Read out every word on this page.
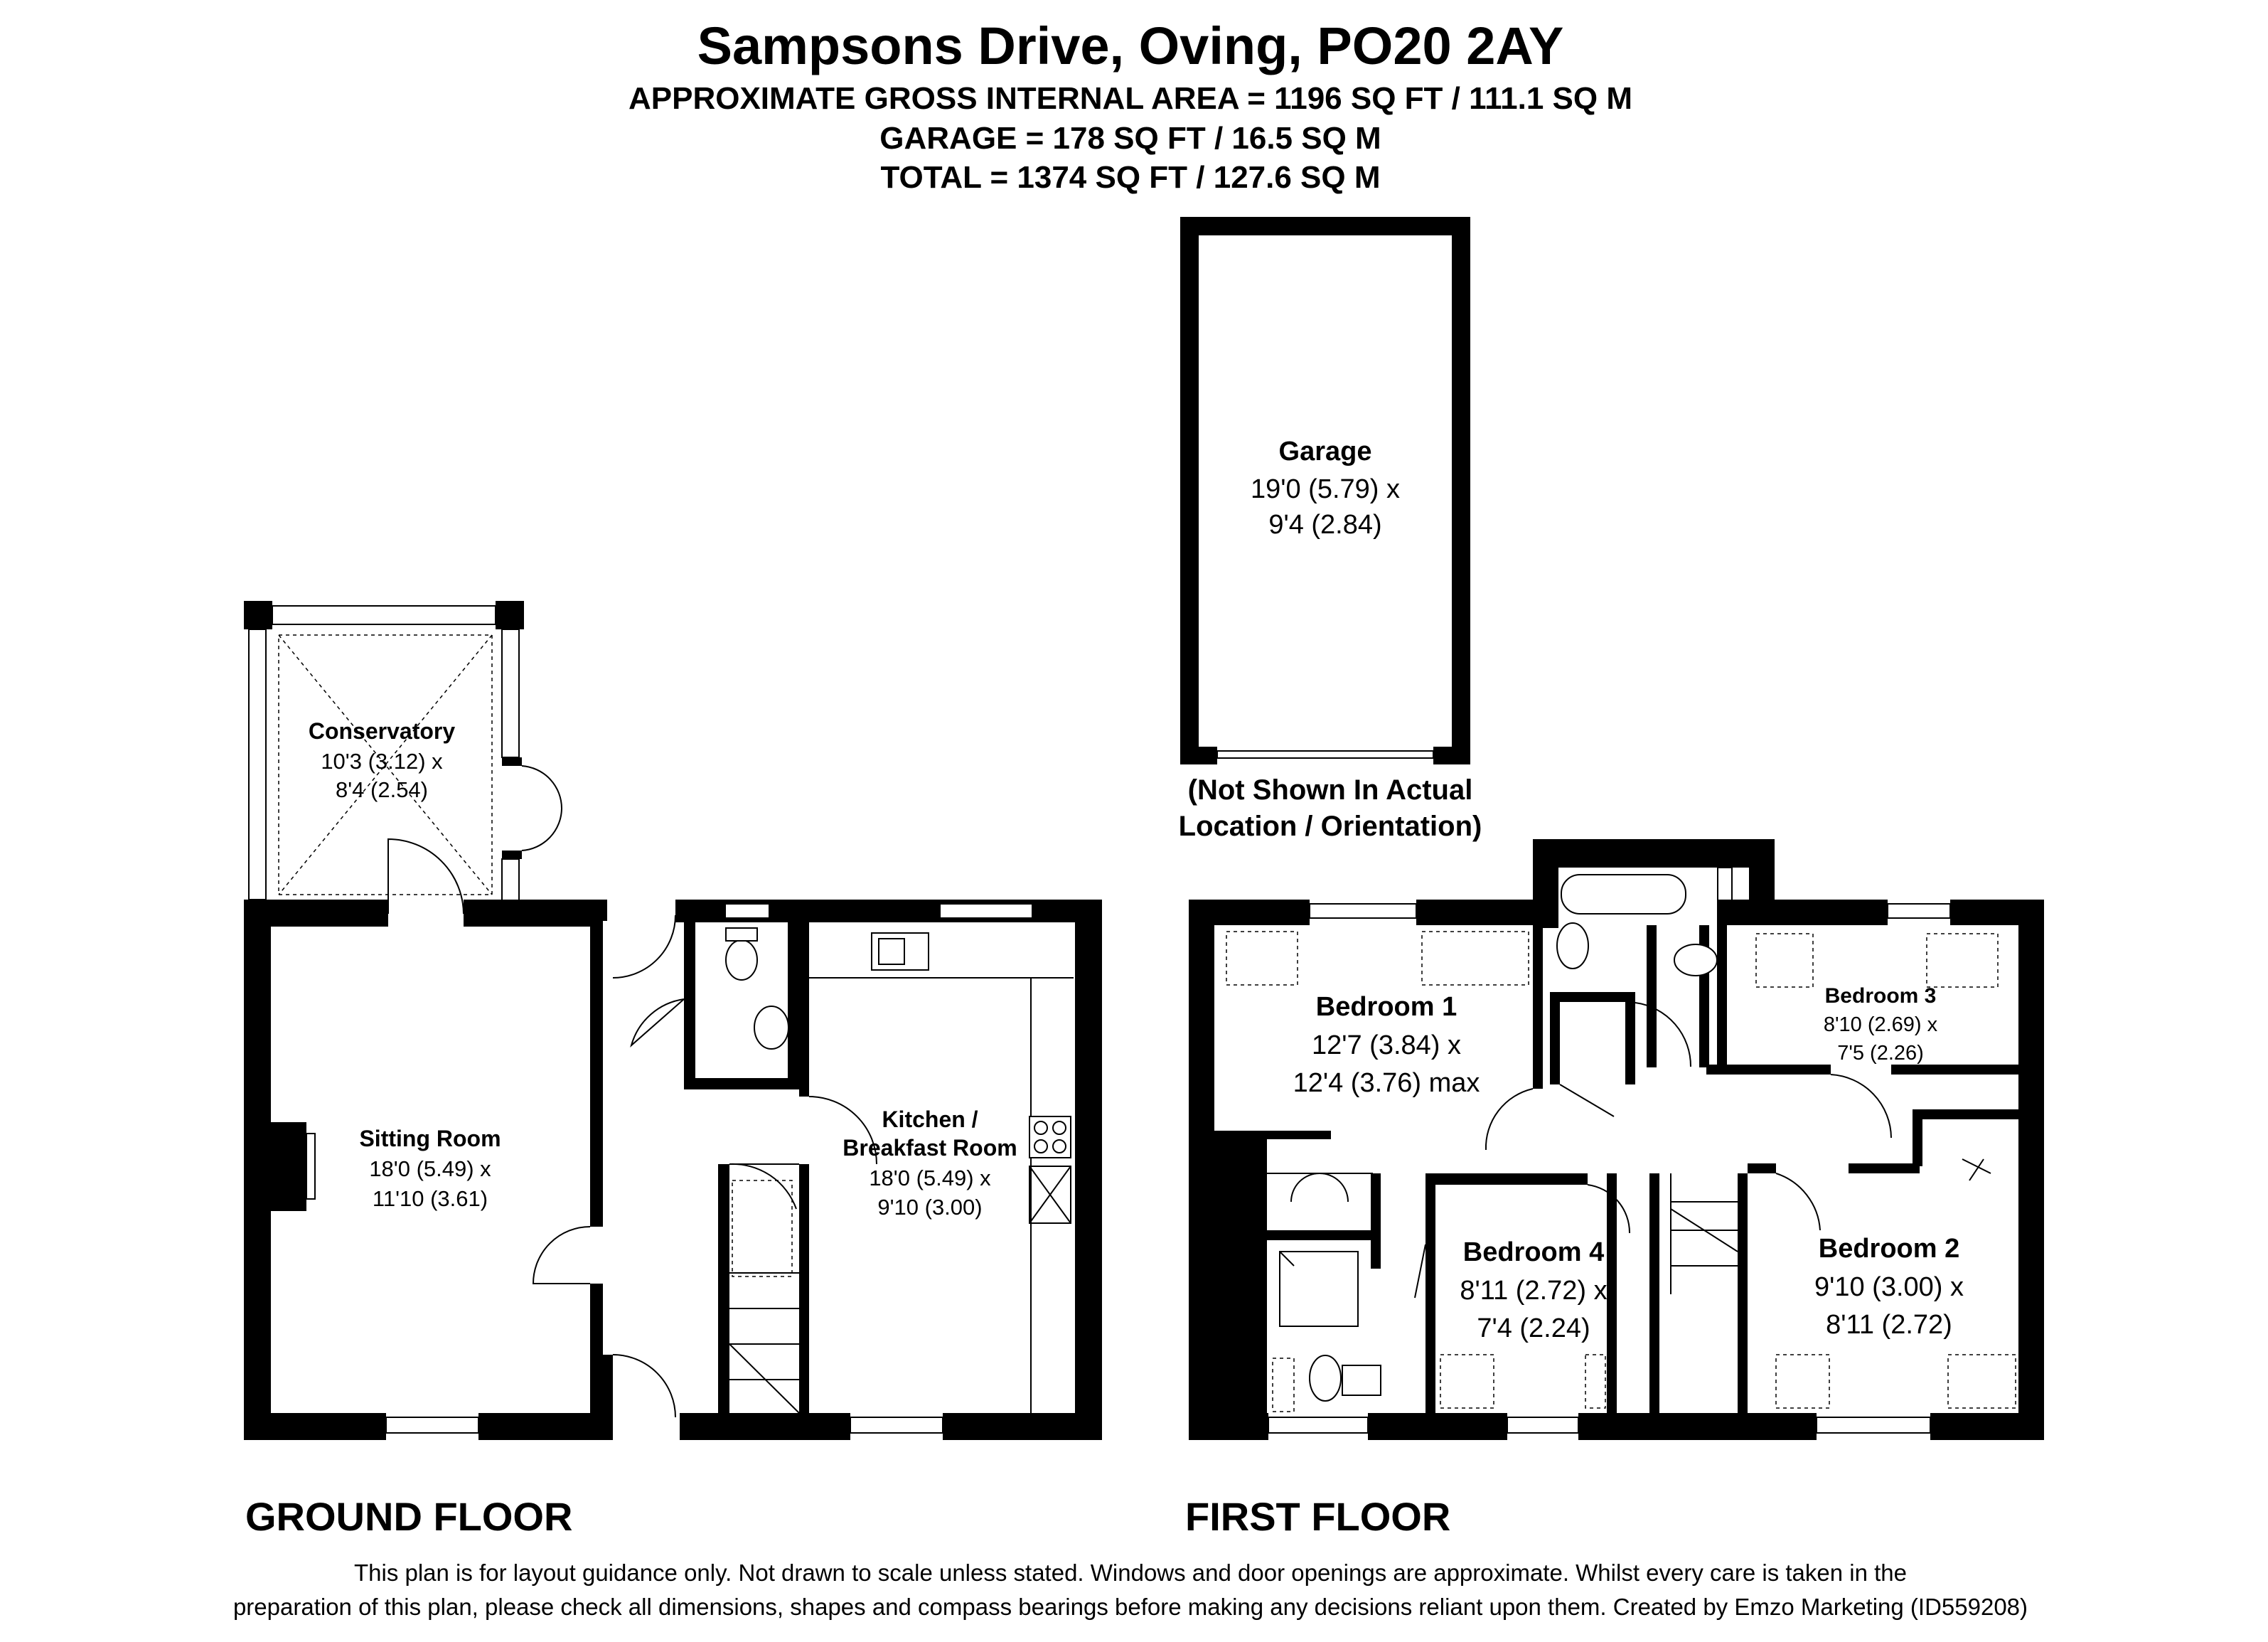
Sampsons Drive, Oving, PO20 2AY
APPROXIMATE GROSS INTERNAL AREA = 1196 SQ FT / 111.1 SQ M
GARAGE = 178 SQ FT / 16.5 SQ M
TOTAL = 1374 SQ FT / 127.6 SQ M
Garage
19'0 (5.79) x
9'4 (2.84)
(Not Shown In Actual
Location / Orientation)
Conservatory
10'3 (3.12) x
8'4 (2.54)
Sitting Room
18'0 (5.49) x
11'10 (3.61)
Kitchen /
Breakfast Room
18'0 (5.49) x
9'10 (3.00)
Bedroom 1
12'7 (3.84) x
12'4 (3.76) max
Bedroom 3
8'10 (2.69) x
7'5 (2.26)
Bedroom 4
8'11 (2.72) x
7'4 (2.24)
Bedroom 2
9'10 (3.00) x
8'11 (2.72)
GROUND FLOOR	FIRST FLOOR
This plan is for layout guidance only. Not drawn to scale unless stated. Windows and door openings are approximate. Whilst every care is taken in the
preparation of this plan, please check all dimensions, shapes and compass bearings before making any decisions reliant upon them. Created by Emzo Marketing (ID559208)
